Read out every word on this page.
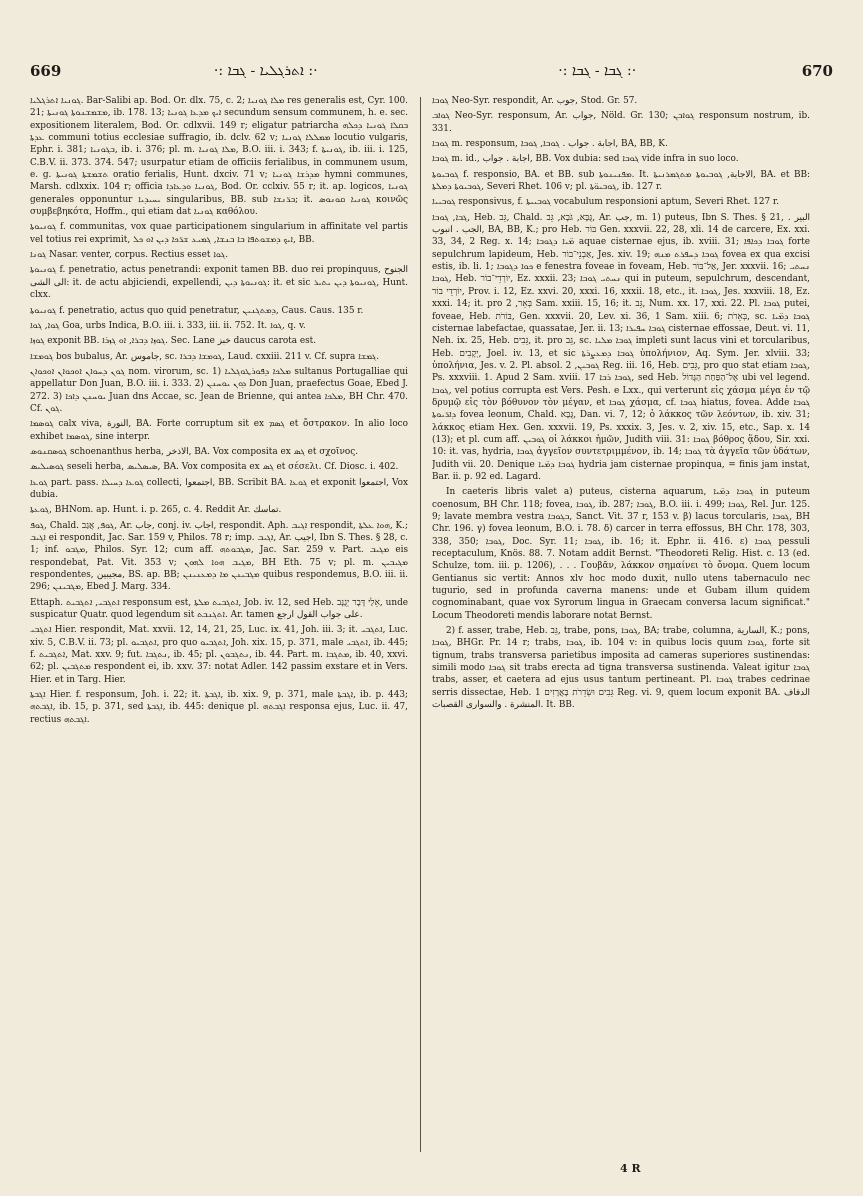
669	·: ܐܬܪܓܠܝܐ - ܓܒܐ :·	·: ܓܒܐ - ܓܒܐ :·	670

ܓܘܢܝܐ ܐܬܪܓܠܝܐ. Bar-Salibi ap. Bod. Or. dlx. 75, c. 2; ܡܠܐ ܓܘܢܝܐ res generalis est, Cyr. 100. 21; ܡܫܡܫܢܘܬܐ ܓܘܢܝܬܐ, ib. 178. 13; ܐܝܟ ܡܕܥܐ ܓܘܢܝܐ secundum sensum communem, h. e. sec. expositionem literalem, Bod. Or. cdlxvii. 149 r; eligatur patriarcha ܒܩܠܐ ܓܘܢܝܐ ܕܟܠܗ ܥܕܬܐ communi totius ecclesiae suffragio, ib. dclv. 62 v; ܡܡܠܠܐ ܓܘܢܝܐ locutio vulgaris, Ephr. i. 381; ܒܓܘܢܝܐ, ib. i. 376; pl. m. ܡܠܐ ܓܘܢܝܐ, B.O. iii. i. 343; f. ܓܘܢܝܬܐ, ib. iii. i. 125, C.B.V. ii. 373. 374. 547; usurpatur etiam de officiis ferialibus, in communem usum, e. g. ܬܫܡܫܬܐ ܓܘܢܝܬܐ oratio ferialis, Hunt. dxciv. 71 v; ܡܕܪܫܐ ܓܘܢܝܐ hymni communes, Marsh. cdlxxix. 104 r; officia ܓܘܢܝܐ ܘܕܥܐܕܐ, Bod. Or. cclxiv. 55 r; it. ap. logicos, ܓܘܢܝܐ generales opponuntur ܝܚܝܕܝܐ singularibus, BB. sub ܒܪ̈ܢܫܐ; it. ܓܘܢܝܐ ܩܘܢܘܣ κοινῶς συμβεβηκότα, Hoffm., qui etiam dat ܓܘܢܝܐ καθόλου.

ܓܘܢܝܘܬܐ f. communitas, vox quae participationem singularium in affinitate vel partis vel totius rei exprimit, ܐܝܟ ܕܡܫܘܬܦܐ ܒܐ ܒܢܫܐ, ܓܡܝܥ ܫܪ̈ܟܐ ܕܝܢ ܐܘ ܟܠ, BB.

ܓܘܢܐ Nasar. venter, corpus. Rectius esset ܓܘܐ.

ܓܘܢܝܘܬܐ f. penetratio, actus penetrandi: exponit tamen BB. duo rei propinquus, الجنوح الى الشى: it. de actu abjiciendi, expellendi, ܓܘܢܝܘܬܐ ܕܝܢ: it. et sic ܓܘܢܝܘܬܐ ܕܝܢ ܝܬܝܪ, Hunt. clxx.

ܓܘܢܝܘܬܐ f. penetratio, actus quo quid penetratur, ܕܡܬܓܢܝܢ, Caus. Caus. 135 r.

ܓܘܐ, ܓܘܐ Goa, urbs Indica, B.O. iii. i. 333, iii. ii. 752. It. ܓܘܐ, q. v.

ܓܘܙܐ exponit BB. ܓܘܙܐ ܕܒܪܐ, ܐܘ ܓܙܪܐ. Sec. Lane خبز daucus carota est.

ܓܘܡܫܐ bos bubalus, Ar. جاموس, sc. ܓܘܡܫܐ ܕܒܪܐ, Laud. cxxiii. 211 v. Cf. supra ܓܡܫܐ.

ܓܘܢ ܕܚܘܐܢ ܐܘܟܘܐܢ ܐܘܟܘܐܢ nom. virorum, sc. 1) ܡܠܟܐ ܕܦܘܪܛܘܓܠܝܐ sultanus Portugalliae qui appellatur Don Juan, B.O. iii. i. 333. 2) ܕܘܢ ܝܘܚܢܢ Don Juan, praefectus Goae, Ebed J. 272. 3) ܝܘܚܢܢ ܕܐܟܐ Juan dns Accae, sc. Jean de Brienne, qui antea ܡܠܟܐ, BH Chr. 470. Cf. ܓܘܢ.

ܓܘܣܡܐ calx viva, النورة, BA. Forte corruptum sit ex ܓܣܡ et ὄστρακον. In alio loco exhibet ܓܘܣܡܐ, sine interpr.

ܓܘܣܩܢܘܣ schoenanthus herba, الاذخر, BA. Vox composita ex ܓܣ et σχοῖνος.

ܓܘܣܝܠܝܣ seseli herba, ܣܝܣܠܝܣ, BA. Vox composita ex ܓܣ et σέσελι. Cf. Diosc. i. 402.

ܓܘܥܐ part. pass. ܓܘܥܐ ܕܚܝܠܐ collecti, اجتمعوا, BB. Scribit BA. ܓܘܥܐ et exponit اجتمعوا, Vox dubia.

ܓܘܥܬܐ, BHNom. ap. Hunt. i. p. 265, c. 4. Reddit Ar. تماسك.

ܓܘܦ, Chald. ܓܘܦ, אֲגַב, Ar. جاب, conj. iv. اجاب, respondit. Aph. ܐܓܝܒ respondit, ܗܘܐ ܥܠܬܐ, K.; ܐܓܝܒ ei respondit, Jac. Sar. 159 v, Philos. 78 r; imp. ܐܓܝܒ, Ar. اجيب, Ibn S. Thes. § 28, c. 1; inf. ܡܓܒܘ, Philos. Syr. 12; cum aff. ܡܓܒܘܬܗ, Jac. Sar. 259 v. Part. ܡܓܝܒ eis respondebat, Pat. Vit. 353 v; ܡܓܝܒ ܗܘܐ ܠܗܘܢ, BH Eth. 75 v; pl. m. ܡܓܝܒܝܢ respondentes, مجيبين, BS. ap. BB; ܡܓܒܝܢܢ ܡܐ ܕܡܥܢܝܢܢ quibus respondemus, B.O. iii. ii. 296; ܡܓܒܝܢܢ, Ebed J. Marg. 334.

Ettaph. ܐܬܓܒܝ, ܐܬܓܒܝܬ responsum est, ܐܬܓܒܝܬ ܡܠܬܐ, Job. iv. 12, sed Heb. אֵלַי דָּבָר יְגֻנָּב, unde suspicatur Quatr. quod legendum sit ܐܬܓܢܒܬ. Ar. tamen على جواب القول ارجع.

ܐܬܓܒܝ Hier. respondit, Mat. xxvii. 12, 14, 21, 25, Luc. ix. 41, Joh. iii. 3; it. ܐܬܓܒܝ, Luc. xiv. 5, C.B.V. ii. 73; pl. ܐܬܓܒܝܘ, pro quo ܐܬܓܒܝܘ, Joh. xix. 15, p. 371, male ܐܬܓܒܝ, ib. 445; f. ܐܬܓܒܝܬ, Mat. xxv. 9; fut. ܢܬܓܒܐ, ib. 45; pl. ܢܬܓܒܘܢ, ib. 44. Part. m. ܡܬܓܒܐ, ib. 40, xxvi. 62; pl. ܡܬܓܒܝܢ respondent ei, ib. xxv. 37: notat Adler. 142 passim exstare et in Vers. Hier. et in Targ. Hier.

ܐܓܒܬܐ Hier. f. responsum, Joh. i. 22; it. ܐܓܒܬܐ, ib. xix. 9, p. 371, male ܐܓܒܬܐ, ib. p. 443; ܐܓܒܬܗ, ib. 15, p. 371, sed ܐܓܒܬܐ, ib. 445: denique pl. ܐܓܒܬܗ responsa ejus, Luc. ii. 47, rectius ܐܓܒܬܗ.

ܓܘܒܐ Neo-Syr. respondit, Ar. جوب, Stod. Gr. 57.

ܓܘܐܒ Neo-Syr. responsum, Ar. جواب, Nöld. Gr. 130; ܓܘܐܒܢ responsum nostrum, ib. 331.

ܓܘܒܐ m. responsum, اجابة . جواب . ܓܘܒܐ, ܓܘܒܐ, BA, BB, K.

ܓܘܒܐ m. id., اجابة . جواب, BB. Vox dubia: sed ܓܘܒܐ vide infra in suo loco.

ܓܘܒܝܘܬܐ f. responsio, BA. et BB. sub ܡܦܢܝܢܘܬܐ. It. الاجابة, ܓܘܒܝܘܬܐ ܡܬܓܡܪܢܝܬܐ, BA. et BB: ܓܘܒܝܘܬܐ ܕܡܠܬܐ, Severi Rhet. 106 v; pl. ܓܘܒܝܘ̈ܬܐ, ib. 127 r.

ܓܘܒܝܝܐ responsivus, f. ܓܘܒܝܝܬܐ vocabulum responsioni aptum, Severi Rhet. 127 r.

ܓܒܐ, ܓܘܒܐ, Heb. גֵּב, Chald. גֻּבָּא, גֹּבָא, גֵּב, Ar. جب, m. 1) puteus, Ibn S. Thes. § 21, البير . الجب . انبوب, BA, BB, K.; pro Heb. בּוֹר Gen. xxxvii. 22, 28, xli. 14 de carcere, Ex. xxi. 33, 34, 2 Reg. x. 14; ܡ̈ܝܐ ܕܓܘܒܐ aquae cisternae ejus, ib. xviii. 31; ܓܘܒܐ ܕܟܐܦܐ forte sepulchrum lapideum, Heb. אַבְנֵי־בוֹר, Jes. xiv. 19; ܓܘܒܐ ܕܚܦܪܬ ܡܢܗ fovea ex qua excisi estis, ib. li. 1; ܟܘܐ ܕܓܘܒܐ e fenestra foveae in foveam, Heb. אַל־בּוֹר, Jer. xxxvii. 16; ܢܚܬܝ ܓܘܒܐ, Heb. יוֹרְדֵי־בוֹר, Ez. xxxii. 23; ܢܚܬܝ ܓܘܒܐ qui in puteum, sepulchrum, descendant, יוֹרְדֵי בוֹר, Prov. i. 12, Ez. xxvi. 20, xxxi. 16, xxxii. 18, etc., it. ܓܘܒܐ, Jes. xxxviii. 18, Ez. xxxi. 14; it. pro בְּאֵר, 2 Sam. xxiii. 15, 16; it. גֵּב, Num. xx. 17, xxi. 22. Pl. ܓܘܒܐ putei, foveae, Heb. בּוֹרֹת, Gen. xxxvii. 20, Lev. xi. 36, 1 Sam. xiii. 6; בְּאֵרֹת, sc. ܓܘܒܐ ܕܡ̈ܝܐ cisternae labefactae, quassatae, Jer. ii. 13; ܓܘܒܐ ܚܦܝܪܐ cisternae effossae, Deut. vi. 11, Neh. ix. 25, Heb. גֵּבִים, it. pro גֵּב, sc. ܓܘܒܐ ܡܠܝܐ impleti sunt lacus vini et torcularibus, Heb. יְקָבִים, Joel. iv. 13, et sic ܓܘܒܐ ܕܡܥܨܪܬܐ ὑπολήνιον, Aq. Sym. Jer. xlviii. 33; ὑπολήνια, Jes. v. 2. Pl. absol. ܓܘܒܝܢ, 2 Reg. iii. 16, Heb. גֵּבִים, pro quo stat etiam ܓܘܒܐ, Ps. xxxviii. 1. Apud 2 Sam. xviii. 17 ܓܘܒܐ ܪܒܐ, sed Heb. אֶל־הַפַּחַת הַגָּדוֹל ubi vel legend. ܓܘܒܐ, vel potius corrupta est Vers. Pesh. e Lxx., qui verterunt εἰς χάσμα μέγα ἐν τῷ δρυμῷ εἰς τὸν βόθυνον τὸν μέγαν, et ܓܘܒܐ χάσμα, cf. ܓܘܒܐ hiatus, fovea. Adde ܓܘܒܐ ܕܐܪ̈ܝܘܬܐ fovea leonum, Chald. גֻּבָּא, Dan. vi. 7, 12; ὁ λάκκος τῶν λεόντων, ib. xiv. 31; λάκκος etiam Hex. Gen. xxxvii. 19, Ps. xxxix. 3, Jes. v. 2, xiv. 15, etc., Sap. x. 14 (13); et pl. cum aff. ܓܘܒܝܢ οἱ λάκκοι ἡμῶν, Judith viii. 31: ܓܘܒܐ βόθρος ᾅδου, Sir. xxi. 10: it. vas, hydria, ܓܘܒܐ ἀγγεῖον συντετριμμένον, ib. 14; ܓܘܒܐ τὰ ἀγγεῖα τῶν ὑδάτων, Judith vii. 20. Denique ܓܘܒܐ ܕܡ̈ܝܐ hydria jam cisternae propinqua, = finis jam instat, Bar. ii. p. 92 ed. Lagard.

In caeteris libris valet a) puteus, cisterna aquarum, ܓܘܒܐ ܕܡ̈ܝܐ in puteum coenosum, BH Chr. 118; fovea, ܓܘܒܐ, ib. 287; ܓܘܒܐ, B.O. iii. i. 499; ܓܘܒܐ, Rel. Jur. 125. 9; lavate membra vestra ܒܓܘܒܐ, Sanct. Vit. 37 r, 153 v. β) lacus torcularis, ܓܘܒܐ, BH Chr. 196. γ) fovea leonum, B.O. i. 78. δ) carcer in terra effossus, BH Chr. 178, 303, 338, 350; ܓܘܒܐ, Doc. Syr. 11; ܓܘܒܐ, ib. 16; it. Ephr. ii. 416. ε) ܓܘܒܐ pessuli receptaculum, Knös. 88. 7. Notam addit Bernst. "Theodoreti Relig. Hist. c. 13 (ed. Schulze, tom. iii. p. 1206), . . . Γουβᾶν, λάκκον σημαίνει τὸ ὄνομα. Quem locum Gentianus sic vertit: Annos xlv hoc modo duxit, nullo utens tabernaculo nec tugurio, sed in profunda caverna manens: unde et Gubam illum quidem cognominabant, quae vox Syrorum lingua in Graecam conversa lacum significat." Locum Theodoreti mendis laborare notat Bernst.

2) f. asser, trabe, Heb. גֵּב, trabe, pons, ܓܘܒܐ, BA; trabe, columna, السارية, K.; pons, ܓܘܒܐ, BHGr. Pr. 14 r; trabs, ܓܘܒܐ, ib. 104 v: in quibus locis quum ܓܘܒܐ, forte sit tignum, trabs transversa parietibus imposita ad cameras superiores sustinendas: simili modo ܓܘܒܐ sit trabs erecta ad tigna transversa sustinenda. Valeat igitur ܓܘܒܐ trabs, asser, et caetera ad ejus usus tantum pertineant. Pl. ܓܘܒܐ trabes cedrinae serris dissectae, Heb. גֵּבִים וּשְׂדֵרֹת בָּאֲרָזִים 1 Reg. vi. 9, quem locum exponit BA. الدفاف المنشرة . والسوارى القصبات. It. BB.

4 R
